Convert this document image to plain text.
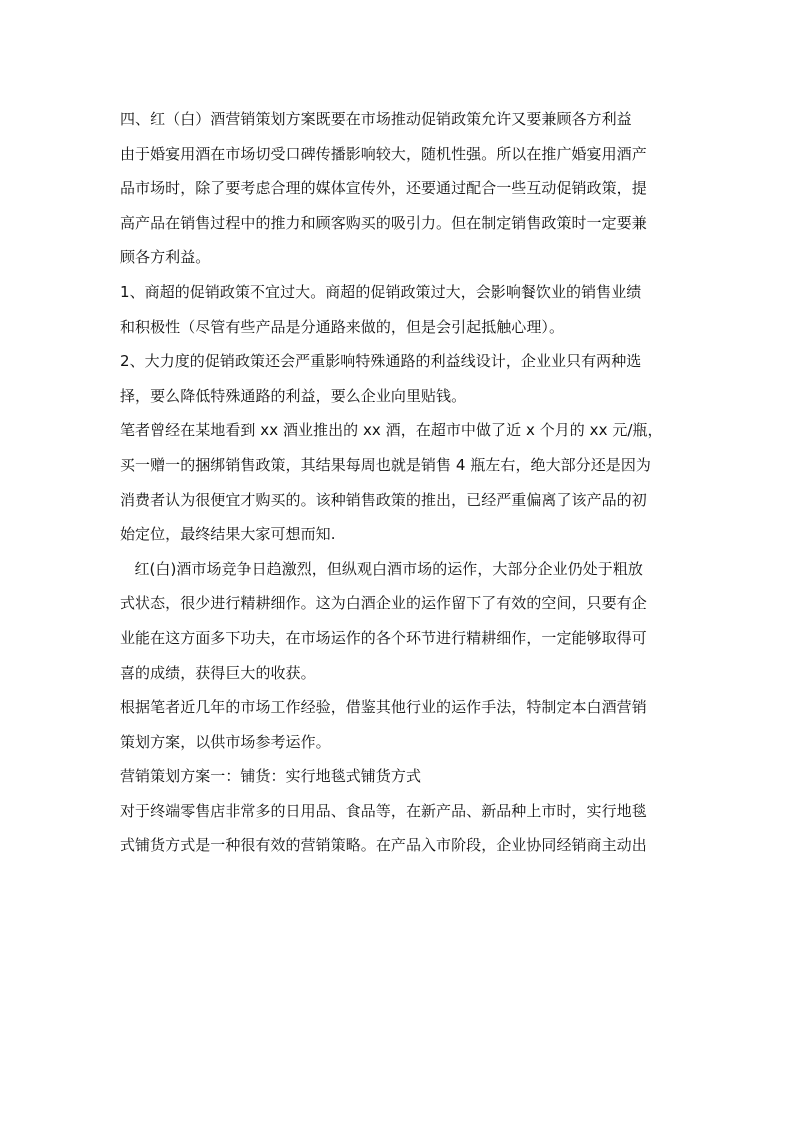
四、红（白）酒营销策划方案既要在市场推动促销政策允许又要兼顾各方利益
由于婚宴用酒在市场切受口碑传播影响较大，随机性强。所以在推广婚宴用酒产
品市场时，除了要考虑合理的媒体宣传外，还要通过配合一些互动促销政策，提
高产品在销售过程中的推力和顾客购买的吸引力。但在制定销售政策时一定要兼
顾各方利益。
1、商超的促销政策不宜过大。商超的促销政策过大，会影响餐饮业的销售业绩
和积极性（尽管有些产品是分通路来做的，但是会引起抵触心理）。
2、大力度的促销政策还会严重影响特殊通路的利益线设计，企业业只有两种选
择，要么降低特殊通路的利益，要么企业向里贴钱。
笔者曾经在某地看到 xx 酒业推出的 xx 酒，在超市中做了近 x 个月的 xx 元/瓶，
买一赠一的捆绑销售政策，其结果每周也就是销售 4 瓶左右，绝大部分还是因为
消费者认为很便宜才购买的。该种销售政策的推出，已经严重偏离了该产品的初
始定位，最终结果大家可想而知.
红(白)酒市场竞争日趋激烈，但纵观白酒市场的运作，大部分企业仍处于粗放
式状态，很少进行精耕细作。这为白酒企业的运作留下了有效的空间，只要有企
业能在这方面多下功夫，在市场运作的各个环节进行精耕细作，一定能够取得可
喜的成绩，获得巨大的收获。
根据笔者近几年的市场工作经验，借鉴其他行业的运作手法，特制定本白酒营销
策划方案，以供市场参考运作。
营销策划方案一：铺货：实行地毯式铺货方式
对于终端零售店非常多的日用品、食品等，在新产品、新品种上市时，实行地毯
式铺货方式是一种很有效的营销策略。在产品入市阶段，企业协同经销商主动出
